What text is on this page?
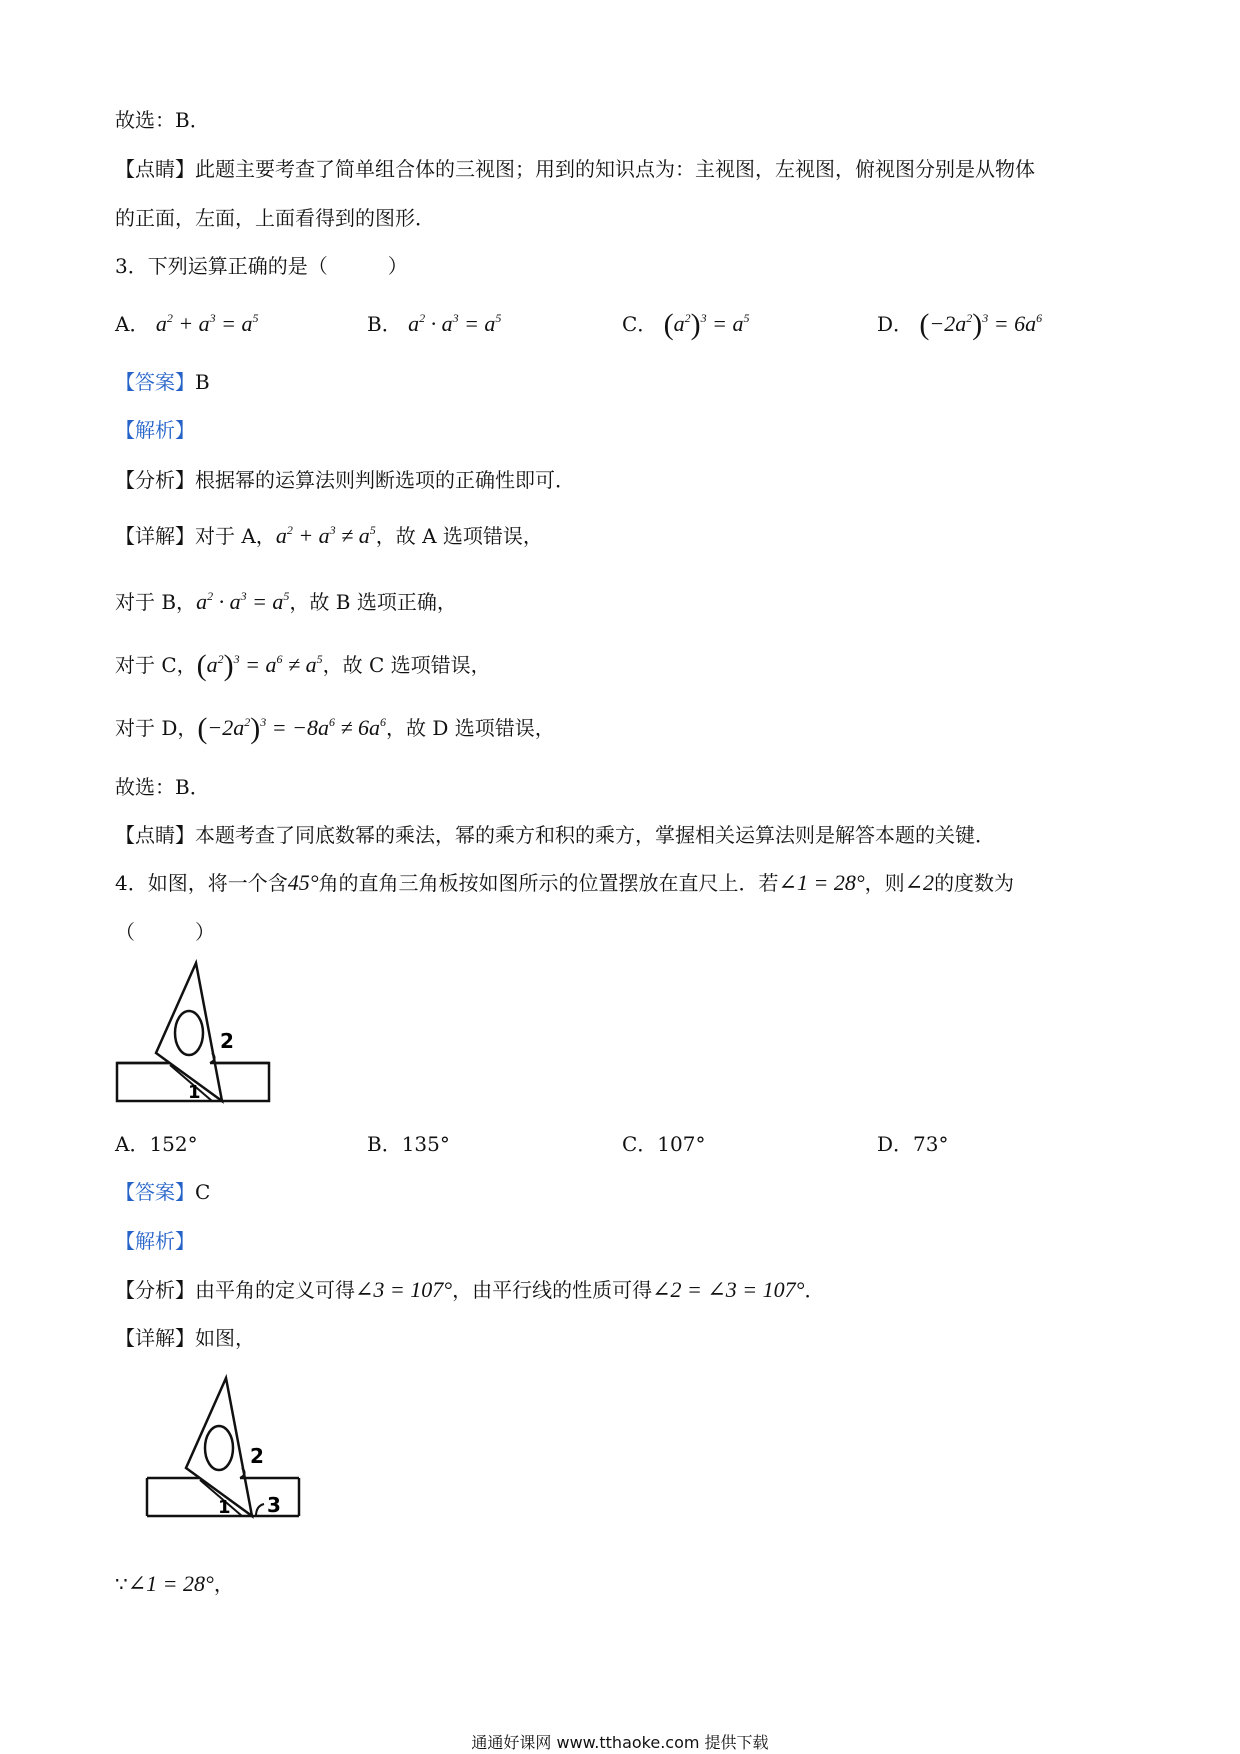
故选：B．
【点睛】此题主要考查了简单组合体的三视图；用到的知识点为：主视图，左视图，俯视图分别是从物体
的正面，左面，上面看得到的图形．
3．下列运算正确的是（　　　）
A． $a^2 + a^3 = a^5$	B． $a^2 \cdot a^3 = a^5$	C． $(a^2)^3 = a^5$	D． $(-2a^2)^3 = 6a^6$
【答案】B
【解析】
【分析】根据幂的运算法则判断选项的正确性即可．
【详解】对于 A，$a^2 + a^3 \ne a^5$，故 A 选项错误，
对于 B，$a^2 \cdot a^3 = a^5$，故 B 选项正确，
对于 C，$(a^2)^3 = a^6 \ne a^5$，故 C 选项错误，
对于 D，$(-2a^2)^3 = -8a^6 \ne 6a^6$，故 D 选项错误，
故选：B．
【点睛】本题考查了同底数幂的乘法，幂的乘方和积的乘方，掌握相关运算法则是解答本题的关键．
4．如图，将一个含45°角的直角三角板按如图所示的位置摆放在直尺上．若∠1 = 28°，则∠2的度数为
（　　　）
2
1
A．152°	B．135°	C．107°	D．73°
【答案】C
【解析】
【分析】由平角的定义可得∠3 = 107°，由平行线的性质可得∠2 = ∠3 = 107°．
【详解】如图，
2
1 3
∵∠1 = 28°，
通通好课网 www.tthaoke.com 提供下载
